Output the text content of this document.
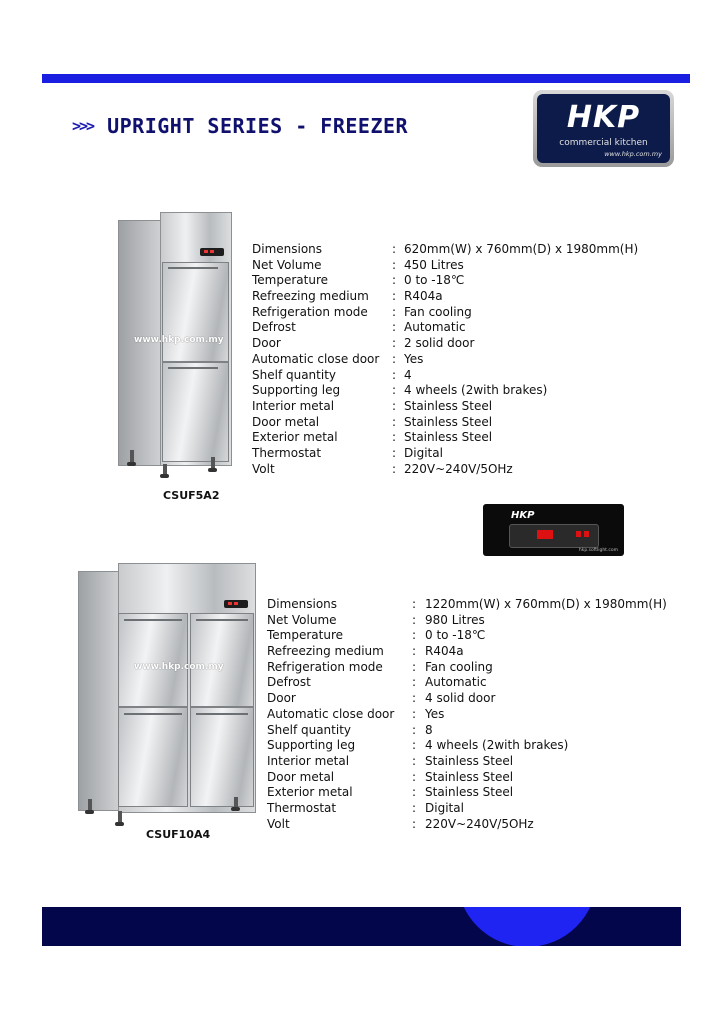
>>> UPRIGHT SERIES - FREEZER	HKP
commercial kitchen
www.hkp.com.my
www.hkp.com.my
CSUF5A2
Dimensions	: 620mm(W) x 760mm(D) x 1980mm(H)
Net Volume	: 450 Litres
Temperature	: 0 to -18℃
Refreezing medium	: R404a
Refrigeration mode	: Fan cooling
Defrost	: Automatic
Door	: 2 solid door
Automatic close door	: Yes
Shelf quantity	: 4
Supporting leg	: 4 wheels (2with brakes)
Interior metal	: Stainless Steel
Door metal	: Stainless Steel
Exterior metal	: Stainless Steel
Thermostat	: Digital
Volt	: 220V~240V/5OHz
HKP
hkp.softlight.com
www.hkp.com.my
CSUF10A4
Dimensions	: 1220mm(W) x 760mm(D) x 1980mm(H)
Net Volume	: 980 Litres
Temperature	: 0 to -18℃
Refreezing medium	: R404a
Refrigeration mode	: Fan cooling
Defrost	: Automatic
Door	: 4 solid door
Automatic close door	: Yes
Shelf quantity	: 8
Supporting leg	: 4 wheels (2with brakes)
Interior metal	: Stainless Steel
Door metal	: Stainless Steel
Exterior metal	: Stainless Steel
Thermostat	: Digital
Volt	: 220V~240V/5OHz
